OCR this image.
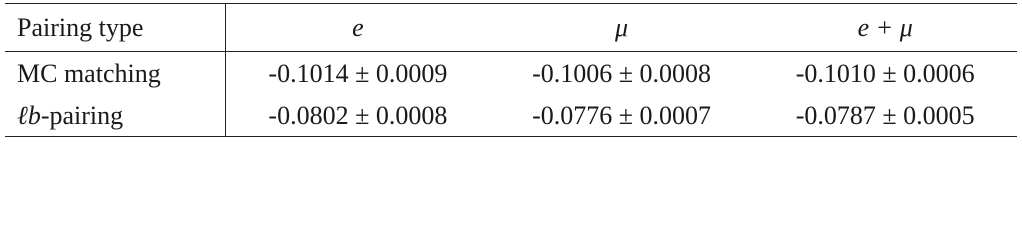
Pairing type	e	μ	e + μ
MC matching	-0.1014 ± 0.0009	-0.1006 ± 0.0008	-0.1010 ± 0.0006
ℓb-pairing	-0.0802 ± 0.0008	-0.0776 ± 0.0007	-0.0787 ± 0.0005
